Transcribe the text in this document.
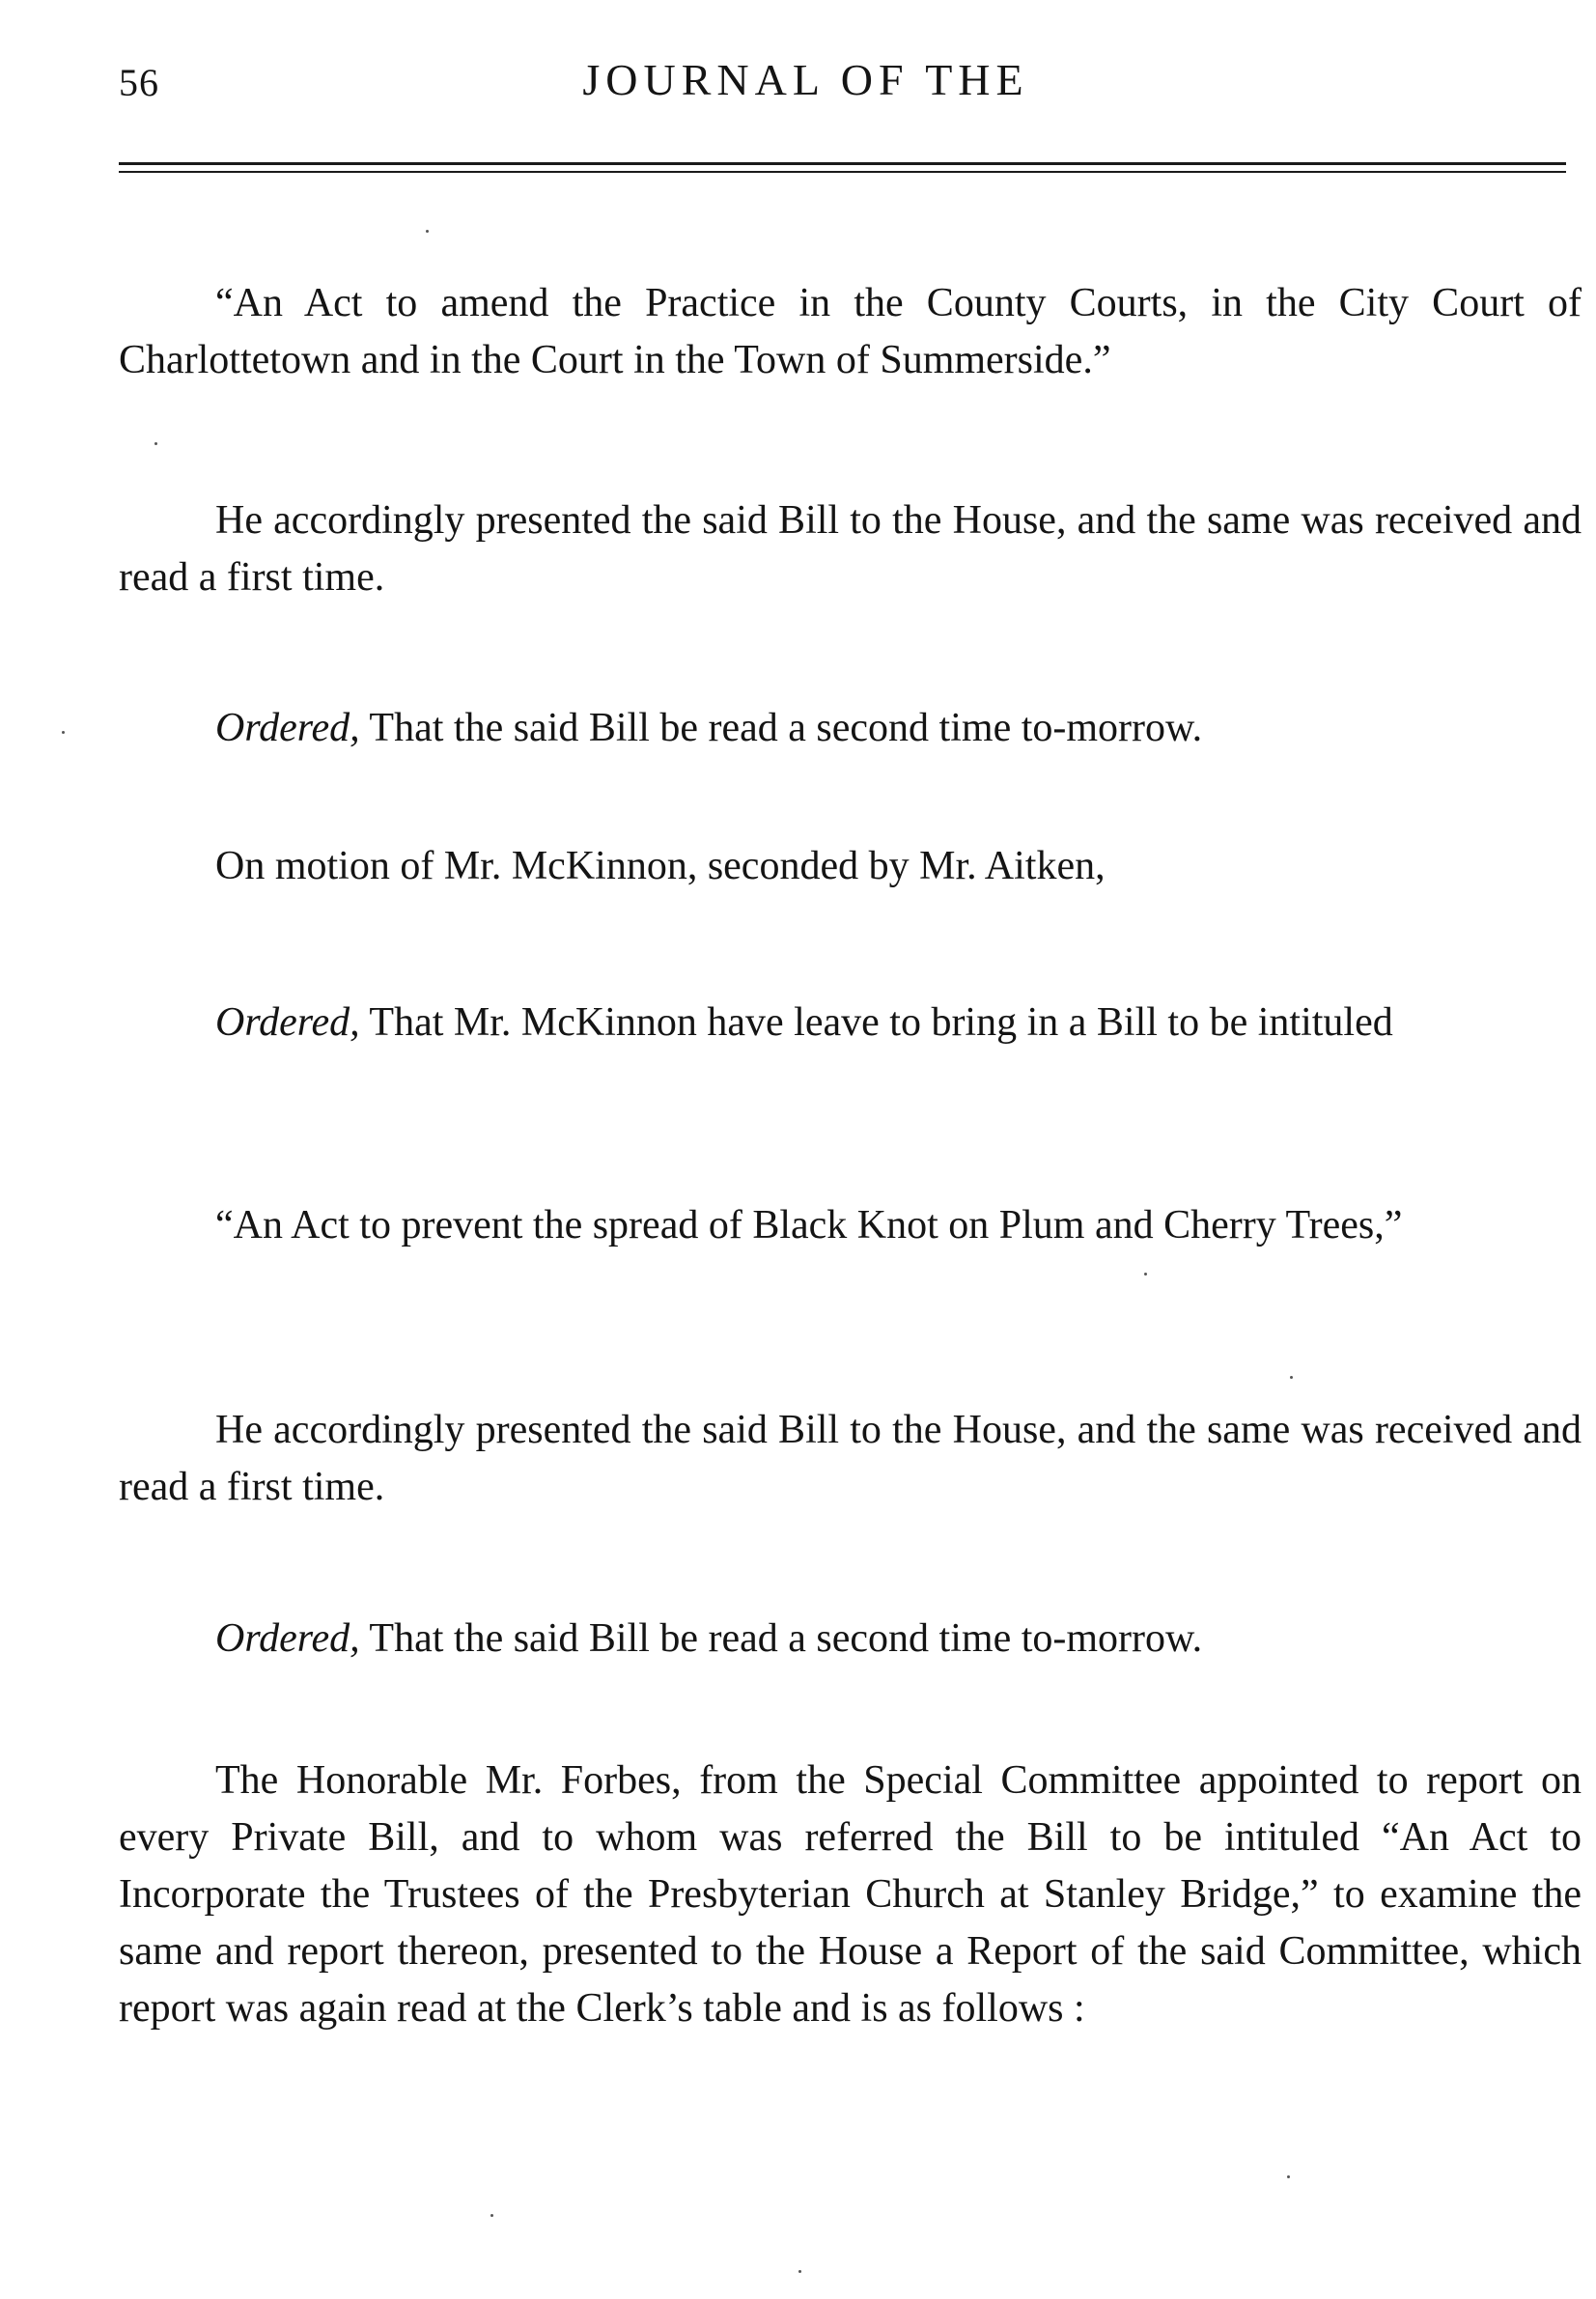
56	JOURNAL OF THE

“An Act to amend the Practice in the County Courts, in the City Court of Charlottetown and in the Court in the Town of Summerside.”

He accordingly presented the said Bill to the House, and the same was received and read a first time.

Ordered, That the said Bill be read a second time to-morrow.

On motion of Mr. McKinnon, seconded by Mr. Aitken,

Ordered, That Mr. McKinnon have leave to bring in a Bill to be intituled

“An Act to prevent the spread of Black Knot on Plum and Cherry Trees,”

He accordingly presented the said Bill to the House, and the same was received and read a first time.

Ordered, That the said Bill be read a second time to-morrow.

The Honorable Mr. Forbes, from the Special Committee appointed to report on every Private Bill, and to whom was referred the Bill to be intituled “An Act to Incorporate the Trustees of the Presbyterian Church at Stanley Bridge,” to examine the same and report thereon, presented to the House a Report of the said Committee, which report was again read at the Clerk’s table and is as follows :
